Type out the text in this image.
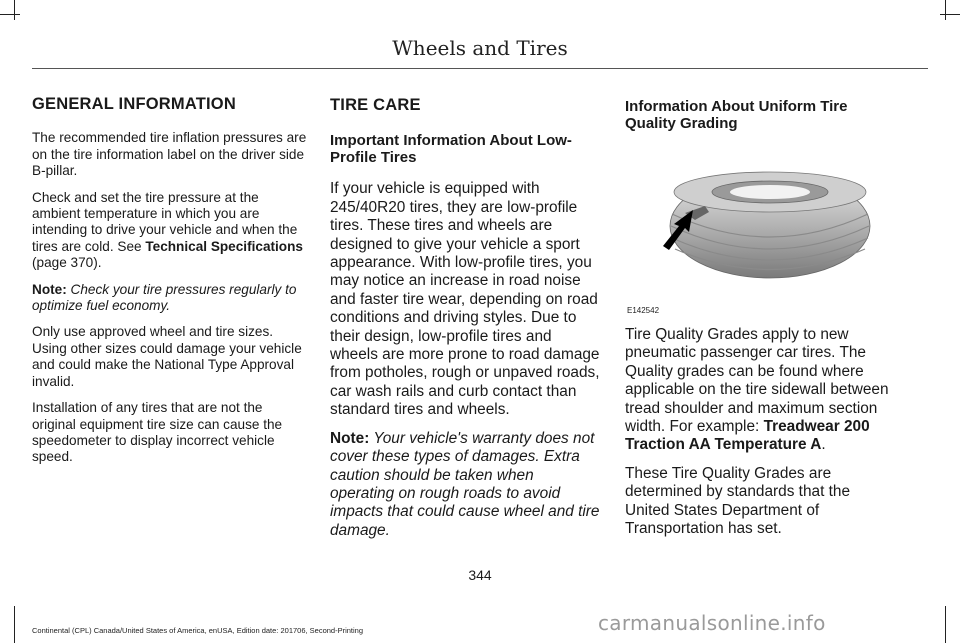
Wheels and Tires
GENERAL INFORMATION

The recommended tire inflation pressures are on the tire information label on the driver side B-pillar.

Check and set the tire pressure at the ambient temperature in which you are intending to drive your vehicle and when the tires are cold. See Technical Specifications (page 370).

Note: Check your tire pressures regularly to optimize fuel economy.

Only use approved wheel and tire sizes. Using other sizes could damage your vehicle and could make the National Type Approval invalid.

Installation of any tires that are not the original equipment tire size can cause the speedometer to display incorrect vehicle speed.

TIRE CARE
Important Information About Low-Profile Tires

If your vehicle is equipped with 245/40R20 tires, they are low-profile tires. These tires and wheels are designed to give your vehicle a sport appearance. With low-profile tires, you may notice an increase in road noise and faster tire wear, depending on road conditions and driving styles. Due to their design, low-profile tires and wheels are more prone to road damage from potholes, rough or unpaved roads, car wash rails and curb contact than standard tires and wheels.

Note: Your vehicle's warranty does not cover these types of damages. Extra caution should be taken when operating on rough roads to avoid impacts that could cause wheel and tire damage.

Information About Uniform Tire Quality Grading
E142542

Tire Quality Grades apply to new pneumatic passenger car tires. The Quality grades can be found where applicable on the tire sidewall between tread shoulder and maximum section width. For example: Treadwear 200 Traction AA Temperature A.

These Tire Quality Grades are determined by standards that the United States Department of Transportation has set.

344
Continental (CPL) Canada/United States of America, enUSA, Edition date: 201706, Second-Printing	carmanualsonline.info
